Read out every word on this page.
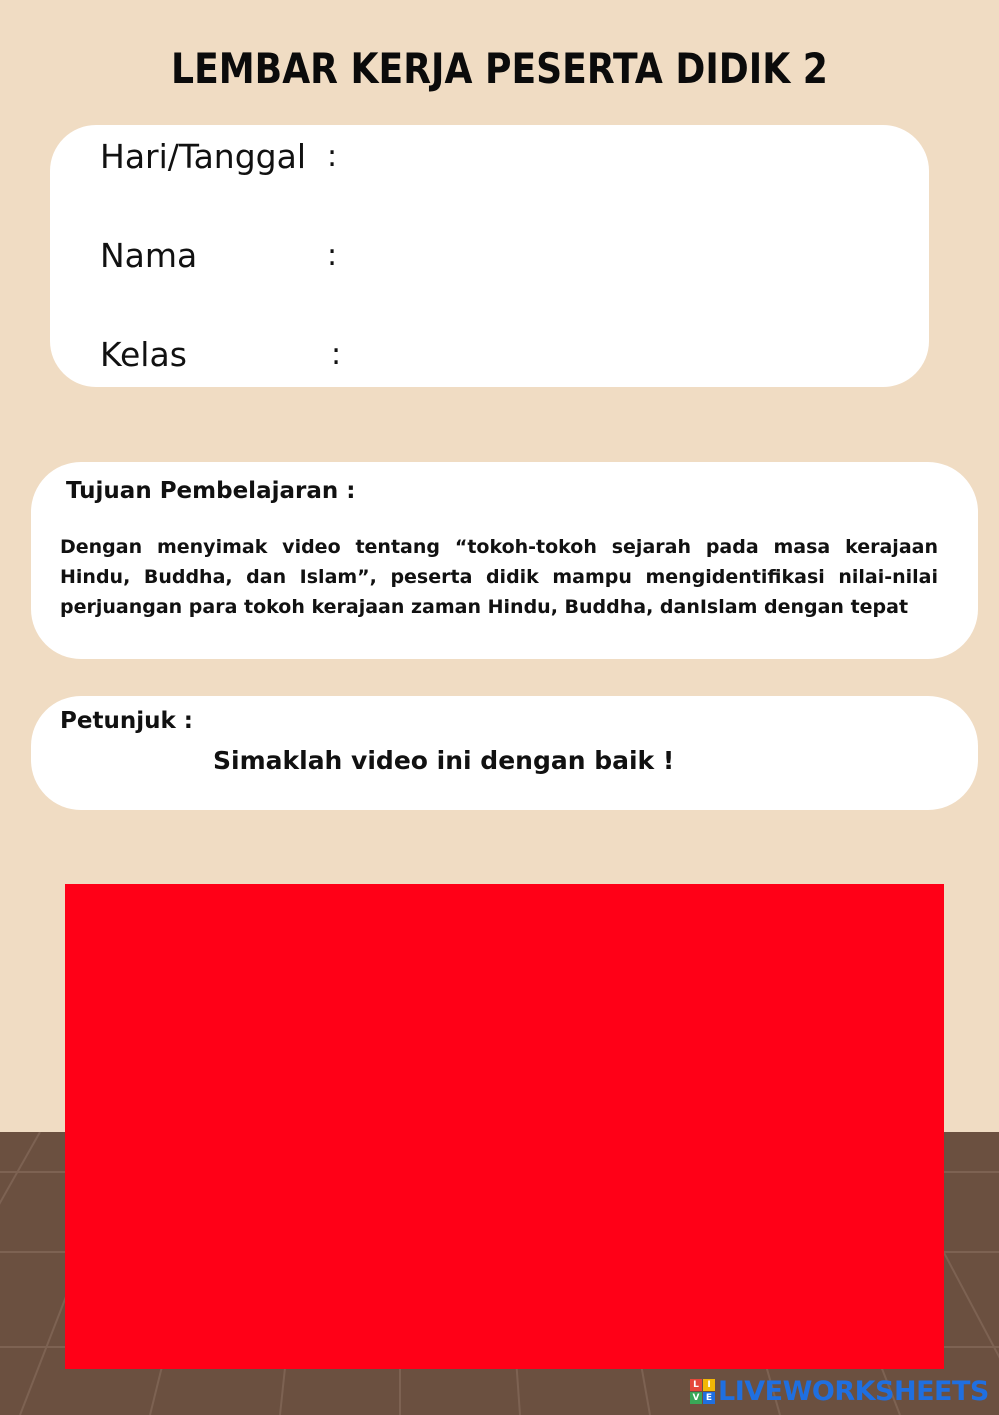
LEMBAR KERJA PESERTA DIDIK 2
Hari/Tanggal :
Nama	:
Kelas	:
Tujuan Pembelajaran :
Dengan menyimak video tentang “tokoh-tokoh sejarah pada masa kerajaan Hindu, Buddha, dan Islam”, peserta didik mampu mengidentifikasi nilai-nilai perjuangan para tokoh kerajaan zaman Hindu, Buddha, danIslam dengan tepat
Petunjuk :
Simaklah video ini dengan baik !
L I
V E LIVEWORKSHEETS
